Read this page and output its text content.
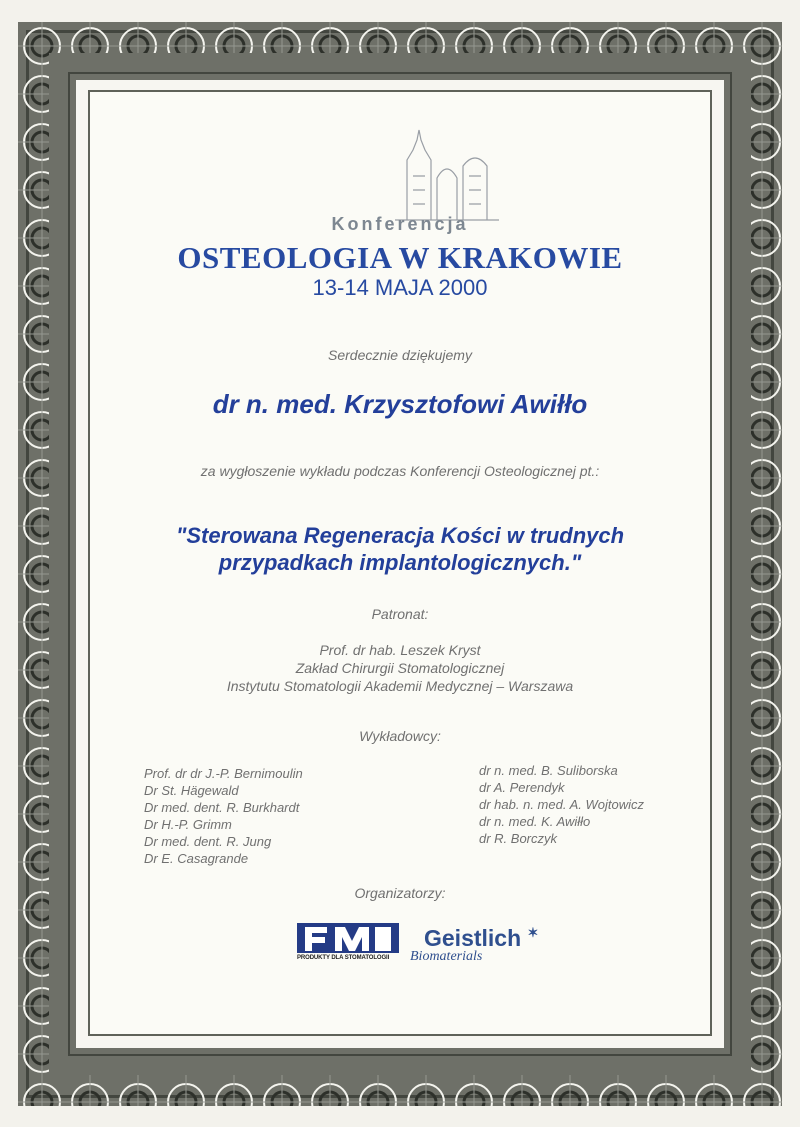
Konferencja
OSTEOLOGIA W KRAKOWIE
13-14 MAJA 2000
Serdecznie dziękujemy
dr n. med. Krzysztofowi Awiłło
za wygłoszenie wykładu podczas Konferencji Osteologicznej pt.:
"Sterowana Regeneracja Kości w trudnych
przypadkach implantologicznych."
Patronat:
Prof. dr hab. Leszek Kryst
Zakład Chirurgii Stomatologicznej
Instytutu Stomatologii Akademii Medycznej – Warszawa
Wykładowcy:
Prof. dr dr J.-P. Bernimoulin
Dr St. Hägewald
Dr med. dent. R. Burkhardt
Dr H.-P. Grimm
Dr med. dent. R. Jung
Dr E. Casagrande
dr n. med. B. Suliborska
dr A. Perendyk
dr hab. n. med. A. Wojtowicz
dr n. med. K. Awiłło
dr R. Borczyk
Organizatorzy:
PRODUKTY DLA STOMATOLOGII
Geistlich ✶
Biomaterials
